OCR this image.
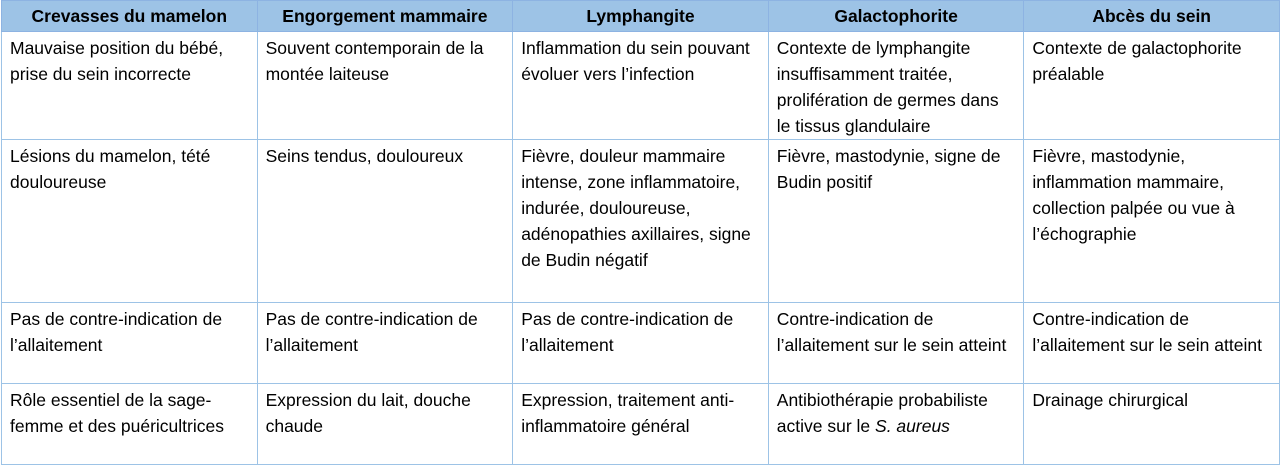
Crevasses du mamelon	Engorgement mammaire	Lymphangite	Galactophorite	Abcès du sein
Mauvaise position du bébé, prise du sein incorrecte	Souvent contemporain de la montée laiteuse	Inflammation du sein pouvant évoluer vers l’infection	Contexte de lymphangite insuffisamment traitée, prolifération de germes dans le tissus glandulaire	Contexte de galactophorite préalable
Lésions du mamelon, tété douloureuse	Seins tendus, douloureux	Fièvre, douleur mammaire intense, zone inflammatoire, indurée, douloureuse, adénopathies axillaires, signe de Budin négatif	Fièvre, mastodynie, signe de Budin positif	Fièvre, mastodynie, inflammation mammaire, collection palpée ou vue à l’échographie
Pas de contre-indication de l’allaitement	Pas de contre-indication de l’allaitement	Pas de contre-indication de l’allaitement	Contre-indication de l’allaitement sur le sein atteint	Contre-indication de l’allaitement sur le sein atteint
Rôle essentiel de la sage-femme et des puéricultrices	Expression du lait, douche chaude	Expression, traitement anti-inflammatoire général	Antibiothérapie probabiliste active sur le S. aureus	Drainage chirurgical
